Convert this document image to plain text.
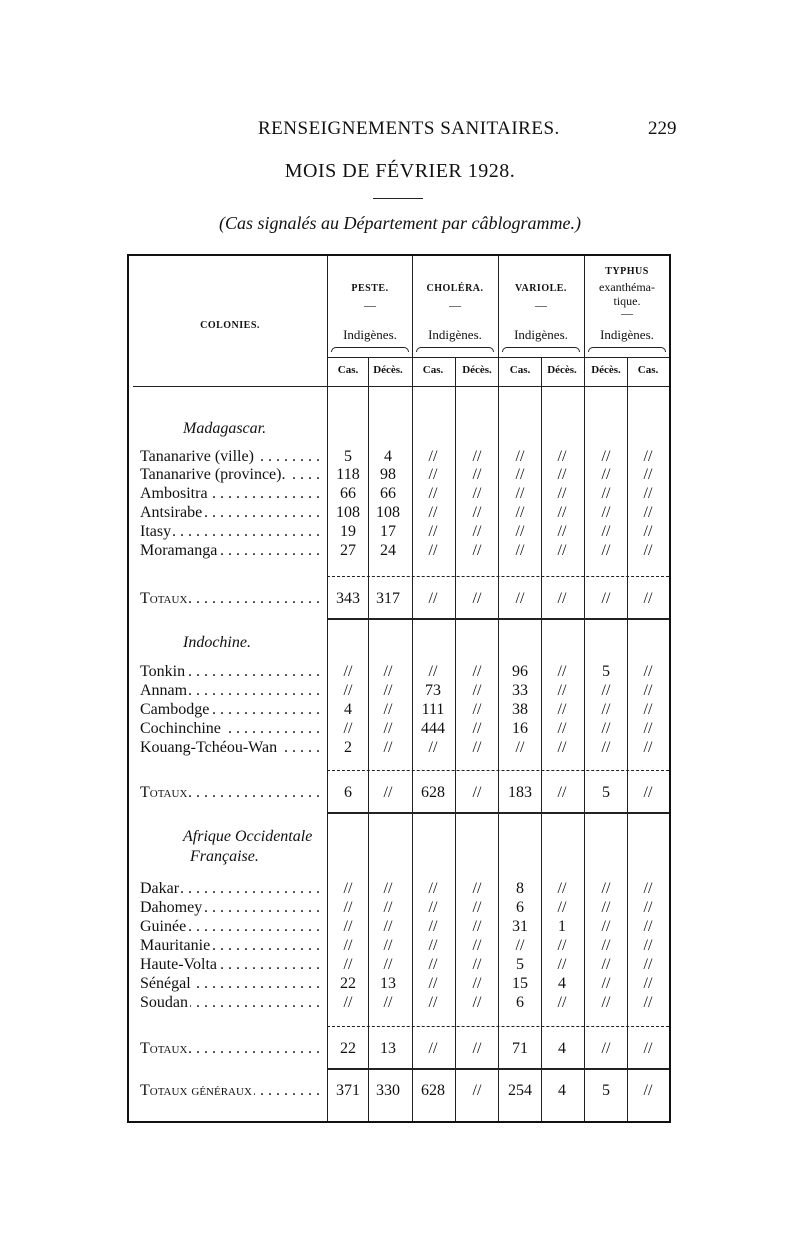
RENSEIGNEMENTS SANITAIRES.	229
MOIS DE FÉVRIER 1928.
(Cas signalés au Département par câblogramme.)
PESTE.
—
Indigènes.
CHOLÉRA.
—
Indigènes.
VARIOLE.
—
Indigènes.
TYPHUS
exanthéma-
tique.
—
Indigènes.
COLONIES.
Cas.	Décès.	Cas.	Décès.	Cas.	Décès.	Décès.	Cas.
Madagascar.
Tananarive (ville) . . .	5	4	//	//	//	//	//	//
Tananarive (province). . . .	118	98	//	//	//	//	//	//
Ambositra . . .	66	66	//	//	//	//	//	//
Antsirabe . . .	108	108	//	//	//	//	//	//
Itasy . . .	19	17	//	//	//	//	//	//
Moramanga . . .	27	24	//	//	//	//	//	//
Totaux . . .	343	317	//	//	//	//	//	//
Indochine.
Tonkin . . .	//	//	//	//	96	//	5	//
Annam . . .	//	//	73	//	33	//	//	//
Cambodge . . .	4	//	111	//	38	//	//	//
Cochinchine . . .	//	//	444	//	16	//	//	//
Kouang-Tchéou-Wan . . .	2	//	//	//	//	//	//	//
Totaux . . .	6	//	628	//	183	//	5	//
Afrique Occidentale
Française.
Dakar . . .	//	//	//	//	8	//	//	//
Dahomey . . .	//	//	//	//	6	//	//	//
Guinée . . .	//	//	//	//	31	1	//	//
Mauritanie . . .	//	//	//	//	//	//	//	//
Haute-Volta . . .	//	//	//	//	5	//	//	//
Sénégal . . .	22	13	//	//	15	4	//	//
Soudan . . .	//	//	//	//	6	//	//	//
Totaux . . .	22	13	//	//	71	4	//	//
Totaux généraux . . .	371	330	628	//	254	4	5	//
